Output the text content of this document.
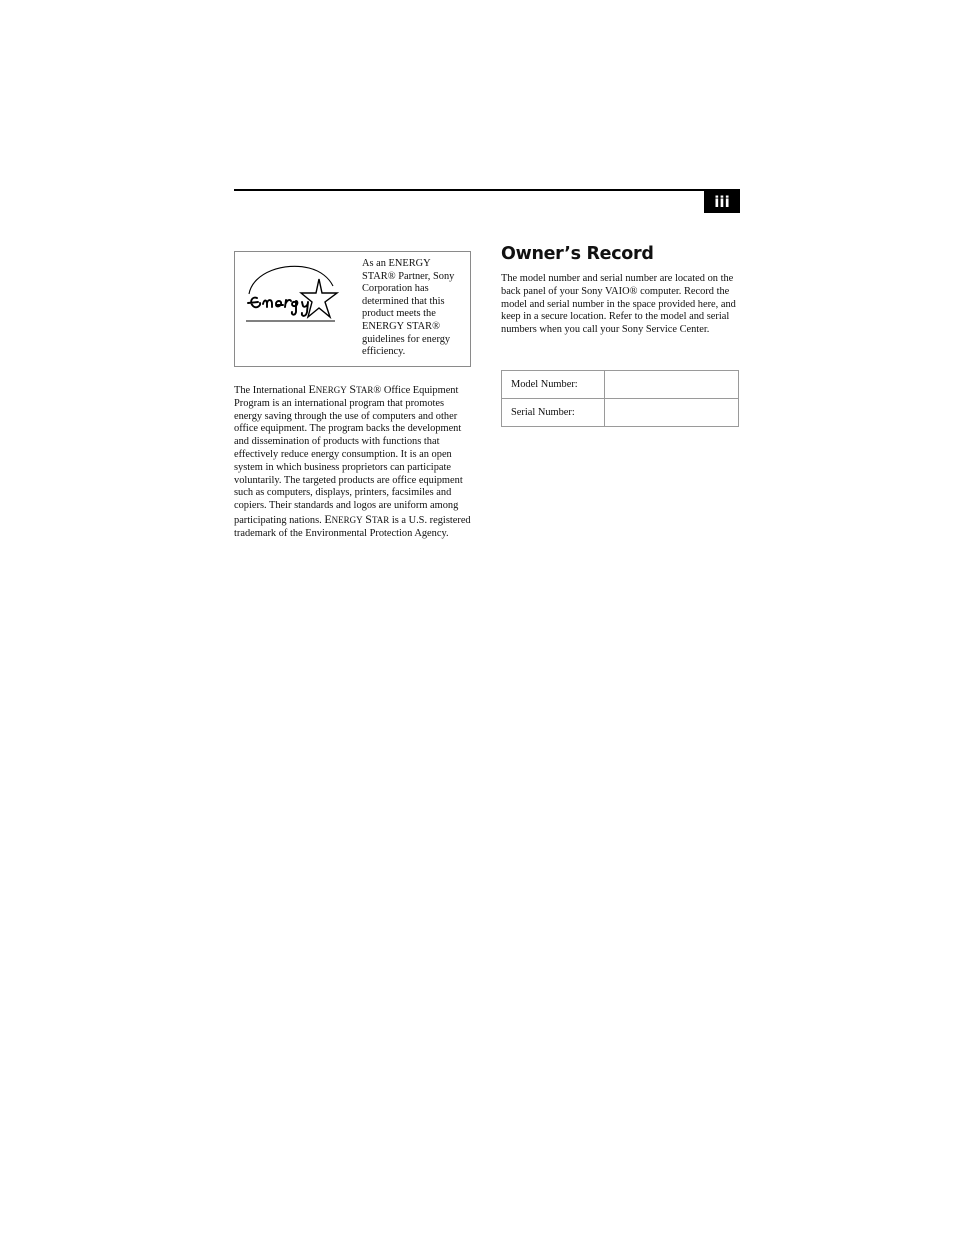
iii
As an ENERGY STAR® Partner, Sony Corporation has determined that this product meets the ENERGY STAR® guidelines for energy efficiency.
The International ENERGY STAR® Office Equipment Program is an international program that promotes energy saving through the use of computers and other office equipment. The program backs the development and dissemination of products with functions that effectively reduce energy consumption. It is an open system in which business proprietors can participate voluntarily. The targeted products are office equipment such as computers, displays, printers, facsimiles and copiers. Their standards and logos are uniform among participating nations. ENERGY STAR is a U.S. registered trademark of the Environmental Protection Agency.
Owner’s Record
The model number and serial number are located on the back panel of your Sony VAIO® computer. Record the model and serial number in the space provided here, and keep in a secure location. Refer to the model and serial numbers when you call your Sony Service Center.
Model Number:	
Serial Number:	
